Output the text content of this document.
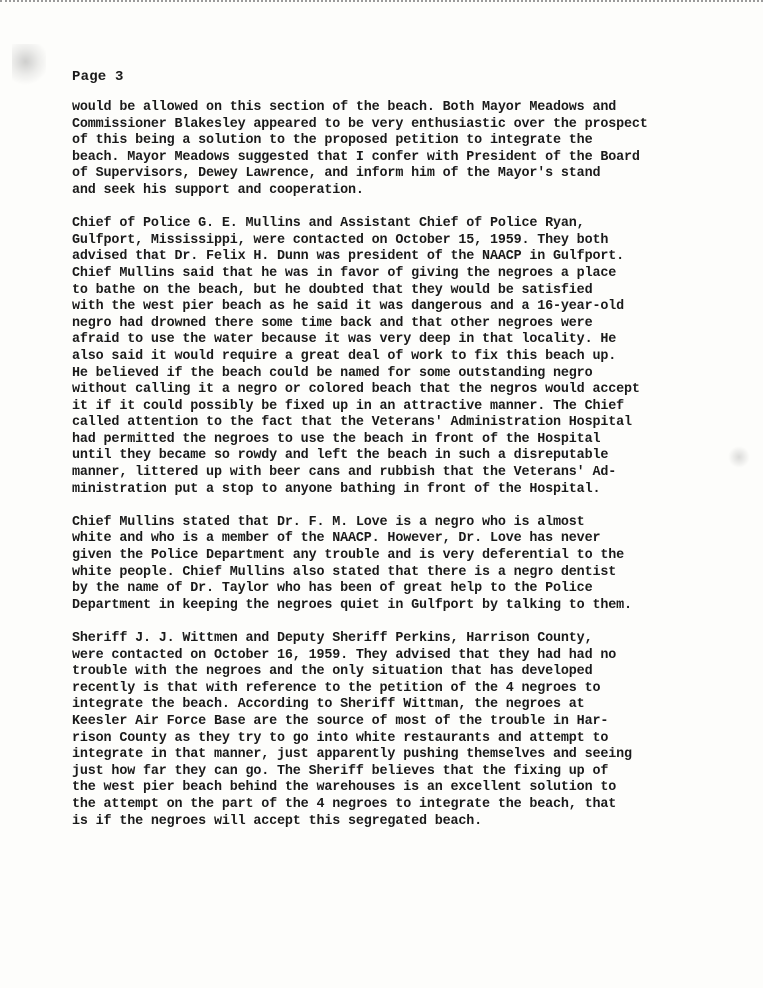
Page 3

would be allowed on this section of the beach. Both Mayor Meadows and
Commissioner Blakesley appeared to be very enthusiastic over the prospect
of this being a solution to the proposed petition to integrate the
beach. Mayor Meadows suggested that I confer with President of the Board
of Supervisors, Dewey Lawrence, and inform him of the Mayor's stand
and seek his support and cooperation.

Chief of Police G. E. Mullins and Assistant Chief of Police Ryan,
Gulfport, Mississippi, were contacted on October 15, 1959. They both
advised that Dr. Felix H. Dunn was president of the NAACP in Gulfport.
Chief Mullins said that he was in favor of giving the negroes a place
to bathe on the beach, but he doubted that they would be satisfied
with the west pier beach as he said it was dangerous and a 16-year-old
negro had drowned there some time back and that other negroes were
afraid to use the water because it was very deep in that locality. He
also said it would require a great deal of work to fix this beach up.
He believed if the beach could be named for some outstanding negro
without calling it a negro or colored beach that the negros would accept
it if it could possibly be fixed up in an attractive manner. The Chief
called attention to the fact that the Veterans' Administration Hospital
had permitted the negroes to use the beach in front of the Hospital
until they became so rowdy and left the beach in such a disreputable
manner, littered up with beer cans and rubbish that the Veterans' Ad-
ministration put a stop to anyone bathing in front of the Hospital.

Chief Mullins stated that Dr. F. M. Love is a negro who is almost
white and who is a member of the NAACP. However, Dr. Love has never
given the Police Department any trouble and is very deferential to the
white people. Chief Mullins also stated that there is a negro dentist
by the name of Dr. Taylor who has been of great help to the Police
Department in keeping the negroes quiet in Gulfport by talking to them.

Sheriff J. J. Wittmen and Deputy Sheriff Perkins, Harrison County,
were contacted on October 16, 1959. They advised that they had had no
trouble with the negroes and the only situation that has developed
recently is that with reference to the petition of the 4 negroes to
integrate the beach. According to Sheriff Wittman, the negroes at
Keesler Air Force Base are the source of most of the trouble in Har-
rison County as they try to go into white restaurants and attempt to
integrate in that manner, just apparently pushing themselves and seeing
just how far they can go. The Sheriff believes that the fixing up of
the west pier beach behind the warehouses is an excellent solution to
the attempt on the part of the 4 negroes to integrate the beach, that
is if the negroes will accept this segregated beach.
